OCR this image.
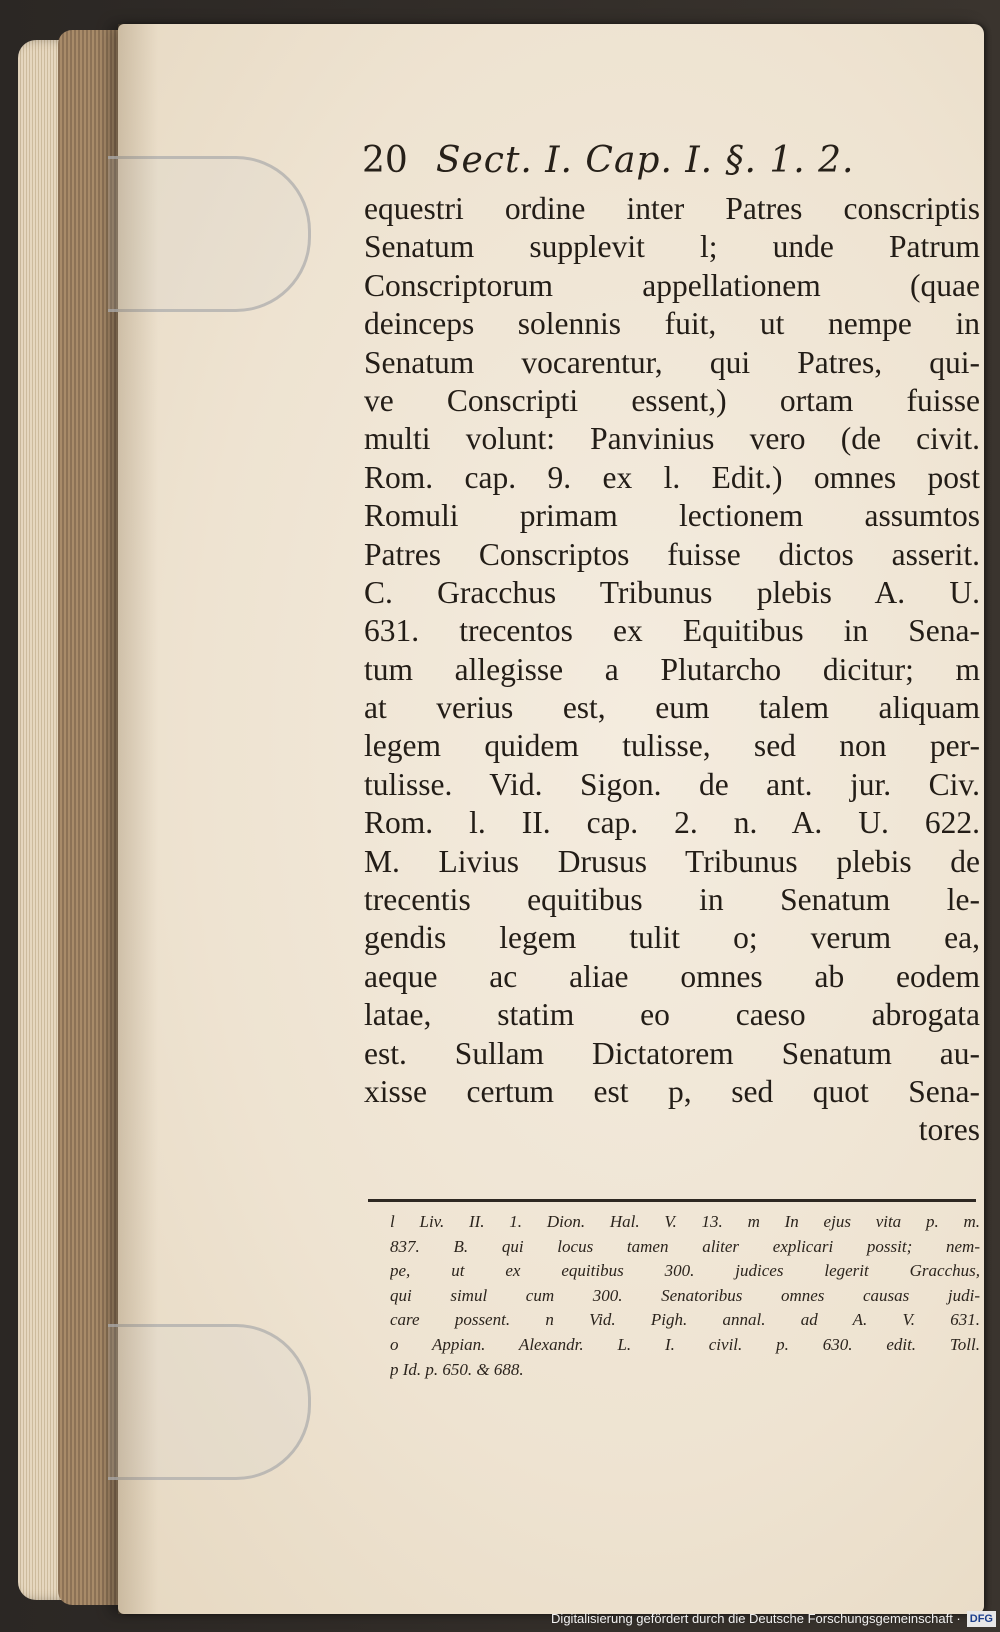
20 Sect. I. Cap. I. §. 1. 2.
equestri ordine inter Patres conscriptis
Senatum supplevit l; unde Patrum
Conscriptorum appellationem (quae
deinceps solennis fuit, ut nempe in
Senatum vocarentur, qui Patres, qui-
ve Conscripti essent,) ortam fuisse
multi volunt: Panvinius vero (de civit.
Rom. cap. 9. ex l. Edit.) omnes post
Romuli primam lectionem assumtos
Patres Conscriptos fuisse dictos asserit.
C. Gracchus Tribunus plebis A. U.
631. trecentos ex Equitibus in Sena-
tum allegisse a Plutarcho dicitur; m
at verius est, eum talem aliquam
legem quidem tulisse, sed non per-
tulisse. Vid. Sigon. de ant. jur. Civ.
Rom. l. II. cap. 2. n. A. U. 622.
M. Livius Drusus Tribunus plebis de
trecentis equitibus in Senatum le-
gendis legem tulit o; verum ea,
aeque ac aliae omnes ab eodem
latae, statim eo caeso abrogata
est. Sullam Dictatorem Senatum au-
xisse certum est p, sed quot Sena-
tores
l Liv. II. 1. Dion. Hal. V. 13. m In ejus vita p. m.
837. B. qui locus tamen aliter explicari possit; nem-
pe, ut ex equitibus 300. judices legerit Gracchus,
qui simul cum 300. Senatoribus omnes causas judi-
care possent. n Vid. Pigh. annal. ad A. V. 631.
o Appian. Alexandr. L. I. civil. p. 630. edit. Toll.
p Id. p. 650. & 688.
Digitalisierung gefördert durch die Deutsche Forschungsgemeinschaft · DFG
